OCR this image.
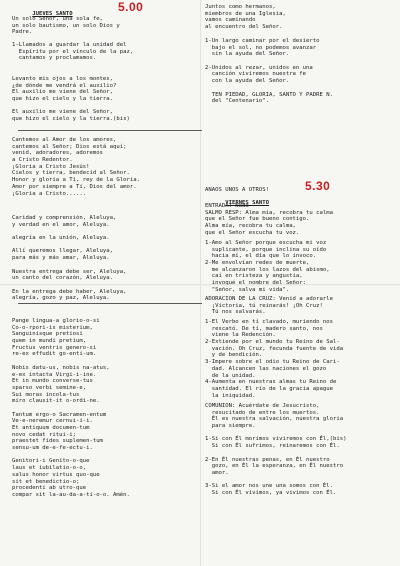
JUEVES SANTO

Un solo Señor, una sola fe,
un solo bautismo, un solo Dios y
Padre.

1-Llamados a guardar la unidad del
Espíritu por el vínculo de la paz,
cantamos y proclamamos.

Levanto mis ojos a los montes,
¿de dónde me vendrá el auxilio?
El auxilio me viene del Señor,
que hizo el cielo y la tierra.
El auxilio me viene del Señor,
que hizo el cielo y la tierra.(bis)

Cantemos al Amor de los amores,
cantemos al Señor; Dios está aquí;
venid, adoradores, adoremos
a Cristo Redentor.
¡Gloria a Cristo Jesús!
Cielos y tierra, bendecid al Señor.
Honor y gloria a Ti, rey de la Gloria.
Amor por siempre a Ti, Dios del amor.
¡Gloria a Cristo......

Caridad y comprensión, Aleluya,
y verdad en el amor, Aleluya.
alegría en la unión, Aleluya.
Allí queremos llegar, Aleluya,
para más y más amar, Aleluya.
Nuestra entrega debe ser, Aleluya,
un canto del corazón, Aleluya.
En la entrega debe haber, Aleluya,
alegría, gozo y paz, Aleluya.

Pange lingua-a glorio-o-si
Co-o-rpori-is misterium,
Sanguinisque pretiosi
quem in mundi pretium,
Fructus ventris genero-si
re-ex effudit go-enti-um.
Nobis datu-us, nobis na-atus,
e-ex intacta Virgi-i-ine.
Et in mundo converse-tus
sparso verbi semine-e,
Sui moras incola-tus
miro clausit-it o-ordi-ne.
Tantum ergo-o Sacramen-entum
Ve-e-neremur cernui-i-i.
Et antiquum documen-tum
novo cedat ritui-i;
praestet fides suplemen-tum
sensu-um de-e-fe-ectu-i.
Genitori-i Genito-o-que
laus et iubilatio-o-o,
salus honor virtus quo-que
sit et benedictio-o;
procedenti ab utro-que
compar sit la-au-da-a-ti-o-o. Amén.

Juntos como hermanos,
miembros de una Iglesia,
vamos caminando
al encuentro del Señor.

1-Un largo caminar por el desierto
bajo el sol, no podemos avanzar
sin la ayuda del Señor.
2-Unidos al rezar, unidos en una
canción viviremos nuestra fe
con la ayuda del Señor.
TEN PIEDAD, GLORIA, SANTO Y PADRE N.
del "Centenario".

ANAOS UNOS A OTROS!

VIERNES SANTO

ENTRADA: Nada
SALMO RESP: Alma mía, recobra tu calma
que el Señor fue bueno contigo.
Alma mía, recobra tu calma,
que el Señor escucha tu voz.

1-Amo al Señor porque escucha mi voz
suplicante, porque inclina su oído
hacia mí, el día que lo invoco.
2-Me envolvían redes de muerte,
me alcanzaron los lazos del abismo,
caí en tristeza y angustia,
invoqué el nombre del Señor:
"Señor, salva mi vida".

ADORACION DE LA CRUZ: Venid a adorarle
¡Victoria, tú reinarás! ¡Oh Cruz!
Tú nos salvarás.

1-El Verbo en tí clavado, muriendo nos
rescató. De tí, madero santo, nos
viene la Redención.
2-Extiende por el mundo tu Reino de Sal-
vación. Oh Cruz, fecunda fuente de vida
y de bendición.
3-Impere sobre el odio tu Reino de Cari-
dad. Alcancen las naciones el gozo
de la unidad.
4-Aumenta en nuestras almas tu Reino de
santidad. El río de la gracia apague
la iniquidad.

COMUNION: Acuérdate de Jesucristo,
resucitado de entre los muertos.
Él es nuestra salvación, nuestra gloria
para siempre.
1-Si con Él morimos viviremos con Él,(bis)
Si con Él sufrimos, reinaremos con Él.
2-En Él nuestras penas, en Él nuestro
gozo, en Él la esperanza, en Él nuestro
amor.
3-Si el amor nos une una somos con Él.
Si con Él vivimos, ya vivimos con Él.

5.00
5.30
